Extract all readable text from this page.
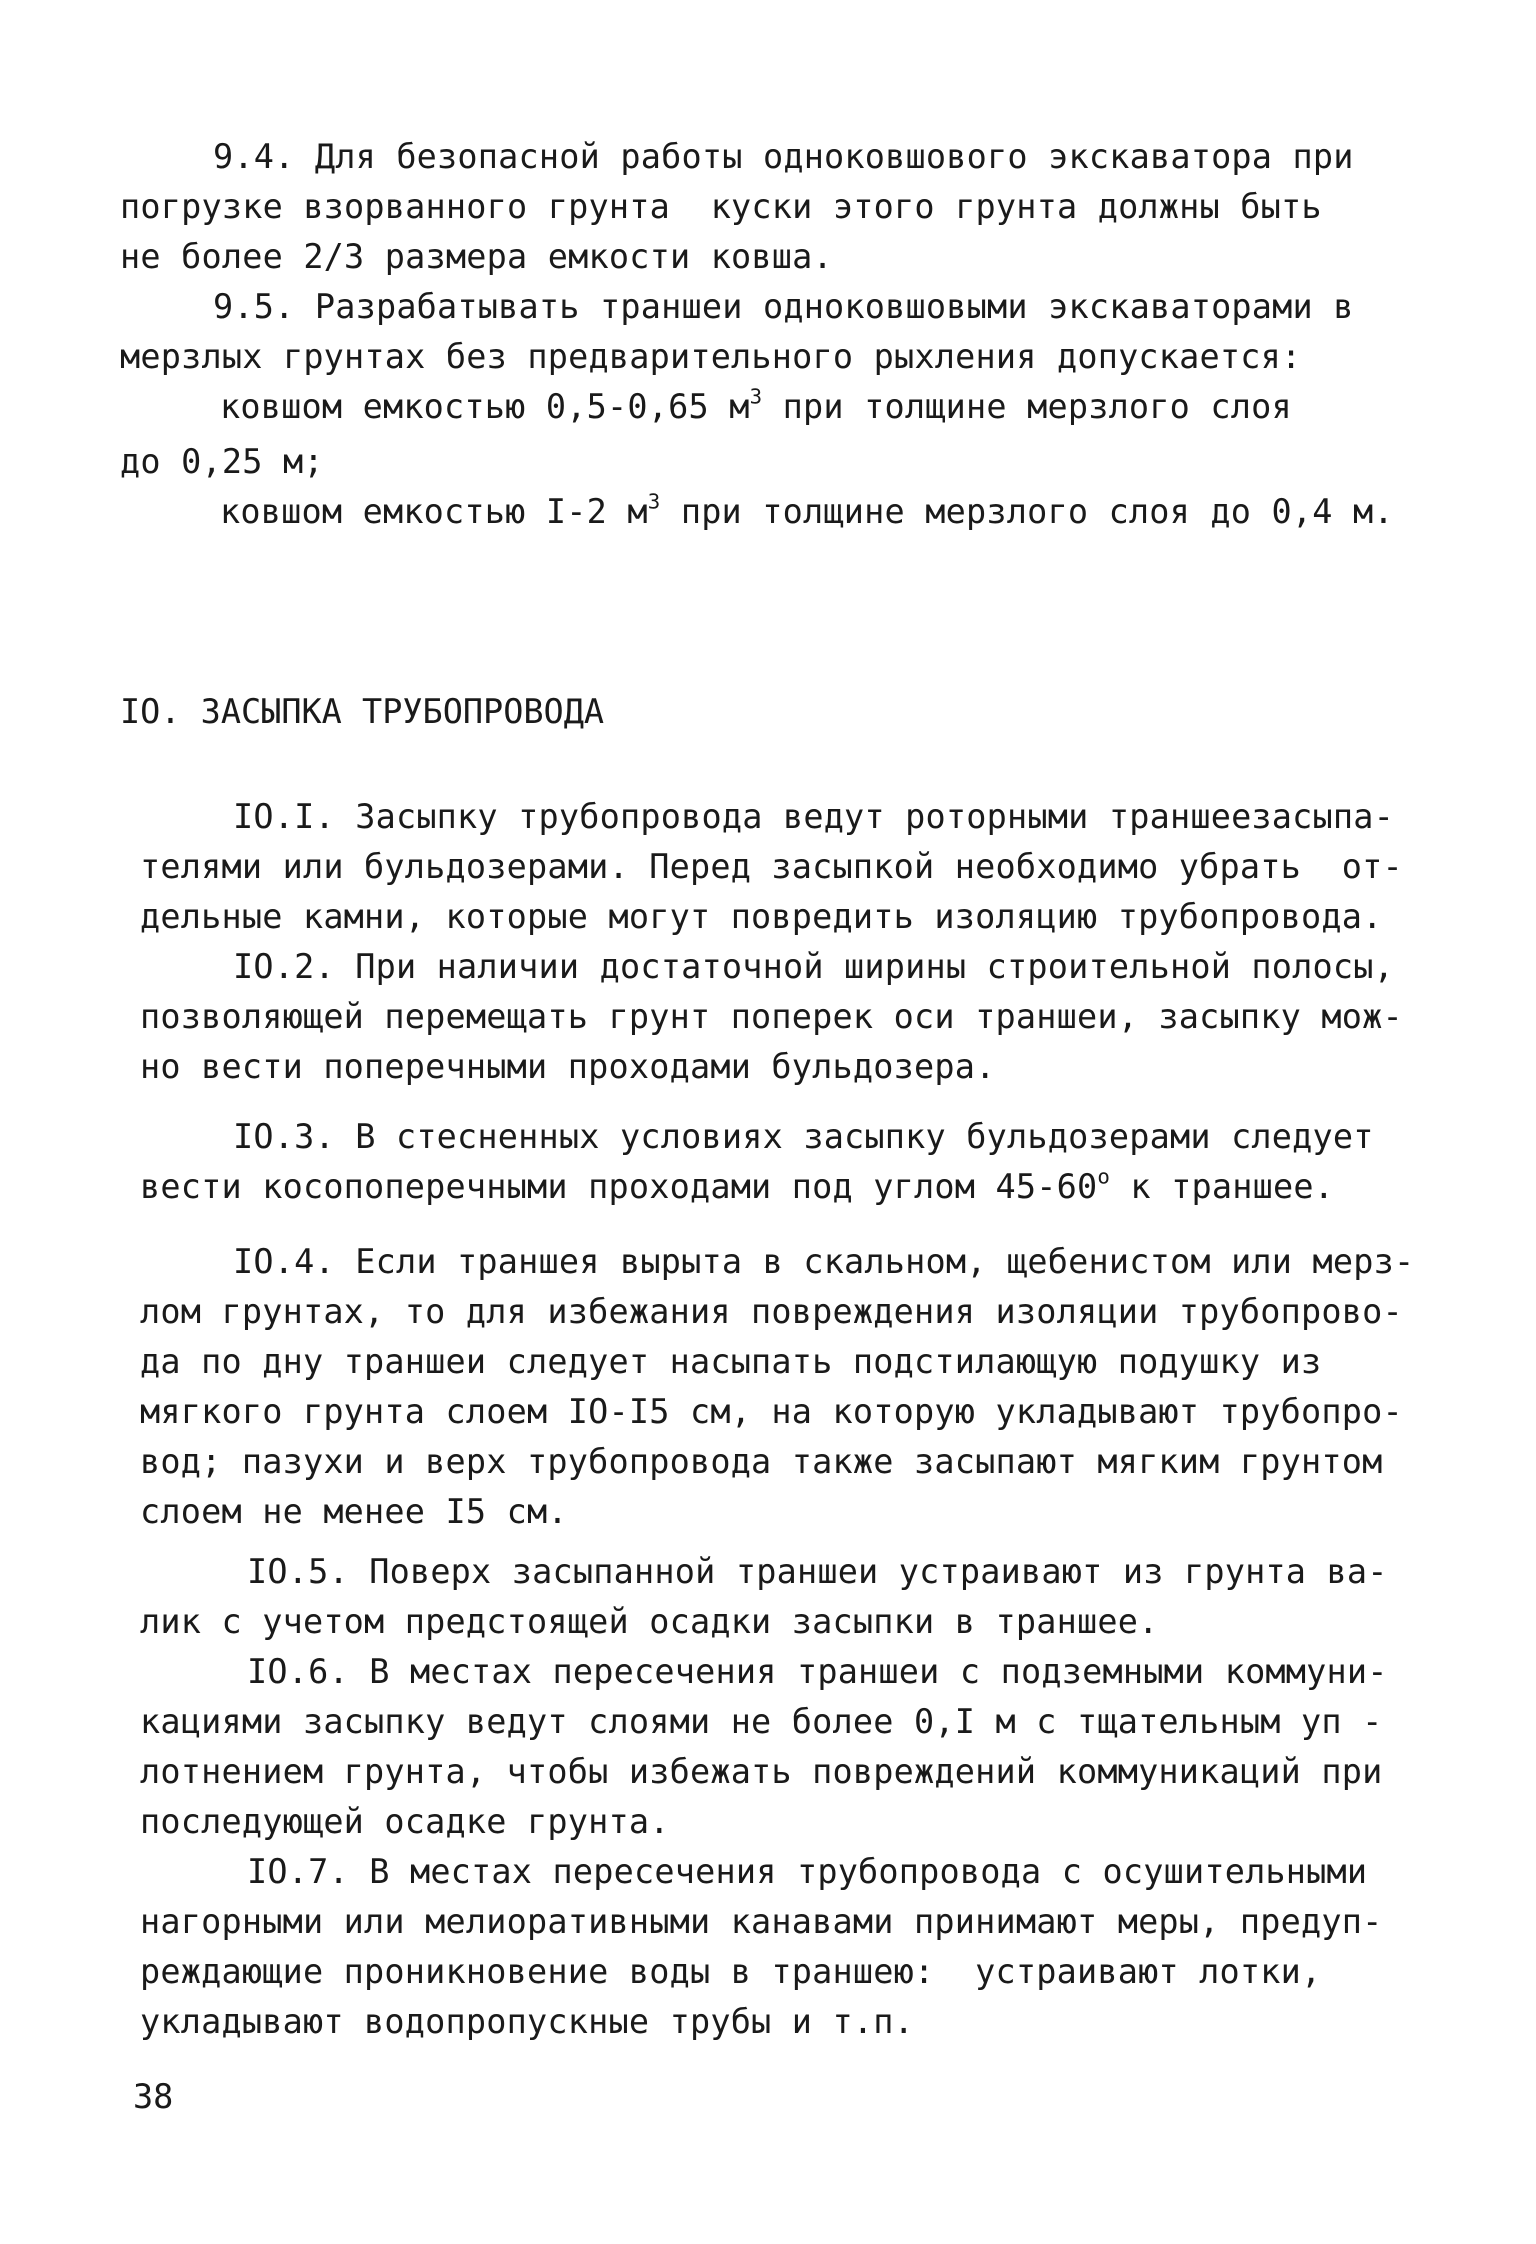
9.4. Для безопасной работы одноковшового экскаватора при
погрузке взорванного грунта  куски этого грунта должны быть
не более 2/3 размера емкости ковша.
9.5. Разрабатывать траншеи одноковшовыми экскаваторами в
мерзлых грунтах без предварительного рыхления допускается:
ковшом емкостью 0,5-0,65 $м^3$ при толщине мерзлого слоя
до 0,25 м;
ковшом емкостью I-2 $м^3$ при толщине мерзлого слоя до 0,4 м.
IO. ЗАСЫПКА ТРУБОПРОВОДА
IO.I. Засыпку трубопровода ведут роторными траншеезасыпа-
телями или бульдозерами. Перед засыпкой необходимо убрать  от-
дельные камни, которые могут повредить изоляцию трубопровода.
IO.2. При наличии достаточной ширины строительной полосы,
позволяющей перемещать грунт поперек оси траншеи, засыпку мож-
но вести поперечными проходами бульдозера.
IO.3. В стесненных условиях засыпку бульдозерами следует
вести косопоперечными проходами под углом $45-60^о$ к траншее.
IO.4. Если траншея вырыта в скальном, щебенистом или мерз-
лом грунтах, то для избежания повреждения изоляции трубопрово-
да по дну траншеи следует насыпать подстилающую подушку из
мягкого грунта слоем IO-I5 см, на которую укладывают трубопро-
вод; пазухи и верх трубопровода также засыпают мягким грунтом
слоем не менее I5 см.
IO.5. Поверх засыпанной траншеи устраивают из грунта ва-
лик с учетом предстоящей осадки засыпки в траншее.
IO.6. В местах пересечения траншеи с подземными коммуни-
кациями засыпку ведут слоями не более 0,I м с тщательным уп -
лотнением грунта, чтобы избежать повреждений коммуникаций при
последующей осадке грунта.
IO.7. В местах пересечения трубопровода с осушительными
нагорными или мелиоративными канавами принимают меры, предуп-
реждающие проникновение воды в траншею:  устраивают лотки,
укладывают водопропускные трубы и т.п.
38
